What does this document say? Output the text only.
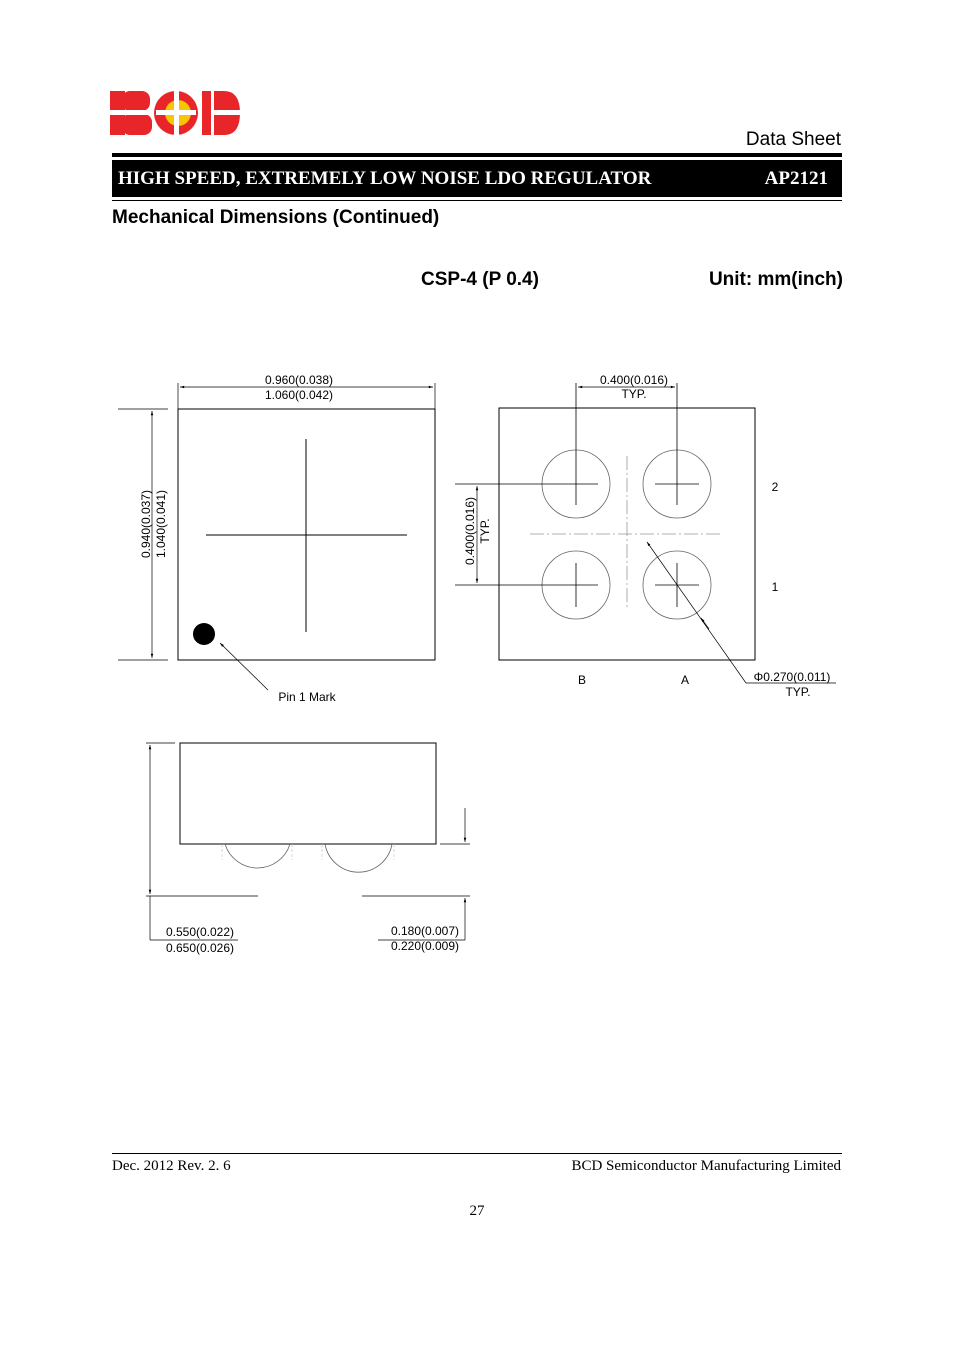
Data Sheet
HIGH SPEED, EXTREMELY LOW NOISE LDO REGULATOR	AP2121
Mechanical Dimensions (Continued)
CSP-4 (P 0.4)	Unit: mm(inch)
0.960(0.038)
1.060(0.042)
0.940(0.037) 1.040(0.041)
Pin 1 Mark
0.400(0.016)
TYP.
0.400(0.016) TYP.
2
1
B	A	Φ0.270(0.011)
TYP.
0.550(0.022)
0.650(0.026)
0.180(0.007)
0.220(0.009)
Dec. 2012 Rev. 2. 6	BCD Semiconductor Manufacturing Limited
27
